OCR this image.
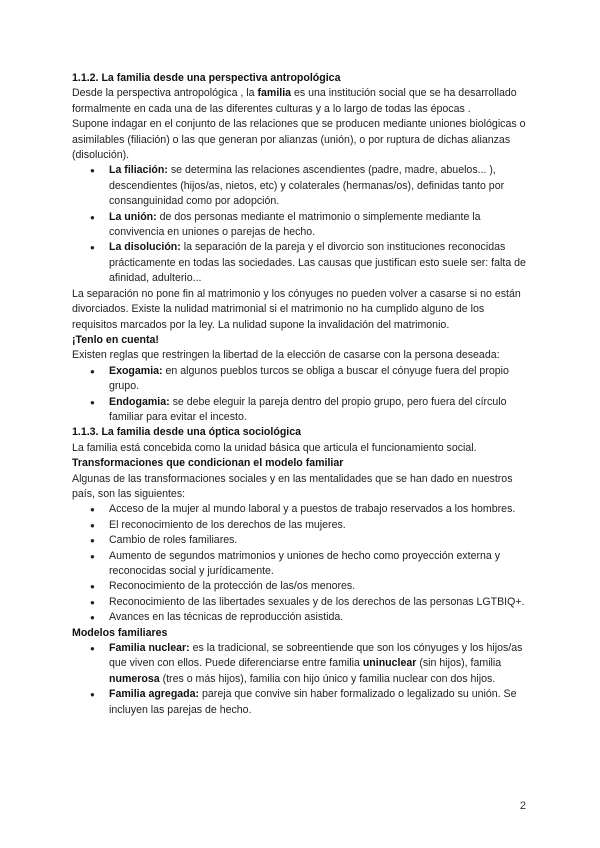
1.1.2. La familia desde una perspectiva antropológica

Desde la perspectiva antropológica , la familia es una institución social que se ha desarrollado formalmente en cada una de las diferentes culturas y a lo largo de todas las épocas .

Supone indagar en el conjunto de las relaciones que se producen mediante uniones biológicas o asimilables (filiación) o las que generan por alianzas (unión), o por ruptura de dichas alianzas (disolución).

● La filiación: se determina las relaciones ascendientes (padre, madre, abuelos... ), descendientes (hijos/as, nietos, etc) y colaterales (hermanas/os), definidas tanto por consanguinidad como por adopción.
● La unión: de dos personas mediante el matrimonio o simplemente mediante la convivencia en uniones o parejas de hecho.
● La disolución: la separación de la pareja y el divorcio son instituciones reconocidas prácticamente en todas las sociedades. Las causas que justifican esto suele ser: falta de afinidad, adulterio...

La separación no pone fin al matrimonio y los cónyuges no pueden volver a casarse si no están divorciados. Existe la nulidad matrimonial si el matrimonio no ha cumplido alguno de los requisitos marcados por la ley. La nulidad supone la invalidación del matrimonio.

¡Tenlo en cuenta!

Existen reglas que restringen la libertad de la elección de casarse con la persona deseada:

● Exogamia: en algunos pueblos turcos se obliga a buscar el cónyuge fuera del propio grupo.
● Endogamia: se debe eleguir la pareja dentro del propio grupo, pero fuera del círculo familiar para evitar el incesto.
1.1.3. La familia desde una óptica sociológica

La familia está concebida como la unidad básica que articula el funcionamiento social.

Transformaciones que condicionan el modelo familiar

Algunas de las transformaciones sociales y en las mentalidades que se han dado en nuestros país, son las siguientes:

● Acceso de la mujer al mundo laboral y a puestos de trabajo reservados a los hombres.
● El reconocimiento de los derechos de las mujeres.
● Cambio de roles familiares.
● Aumento de segundos matrimonios y uniones de hecho como proyección externa y reconocidas social y jurídicamente.
● Reconocimiento de la protección de las/os menores.
● Reconocimiento de las libertades sexuales y de los derechos de las personas LGTBIQ+.
● Avances en las técnicas de reproducción asistida.
Modelos familiares
● Familia nuclear: es la tradicional, se sobreentiende que son los cónyuges y los hijos/as que viven con ellos. Puede diferenciarse entre familia uninuclear (sin hijos), familia numerosa (tres o más hijos), familia con hijo único y familia nuclear con dos hijos.
● Familia agregada: pareja que convive sin haber formalizado o legalizado su unión. Se incluyen las parejas de hecho.
2
